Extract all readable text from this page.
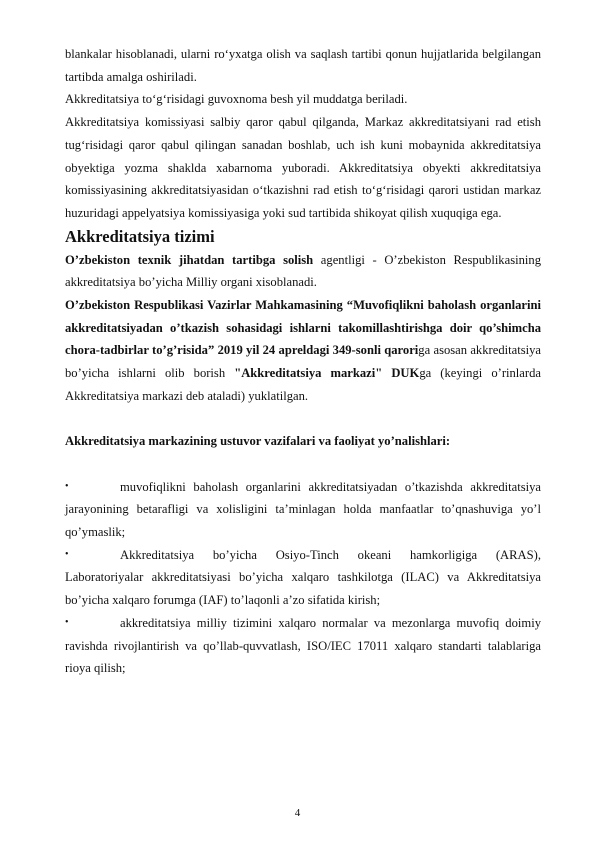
blankalar hisoblanadi, ularni roʻyxatga olish va saqlash tartibi qonun hujjatlarida belgilangan tartibda amalga oshiriladi.

Akkreditatsiya toʻgʻrisidagi guvoxnoma besh yil muddatga beriladi.

Akkreditatsiya komissiyasi salbiy qaror qabul qilganda, Markaz akkreditatsiyani rad etish tugʻrisidagi qaror qabul qilingan sanadan boshlab, uch ish kuni mobaynida akkreditatsiya obyektiga yozma shaklda xabarnoma yuboradi. Akkreditatsiya obyekti akkreditatsiya komissiyasining akkreditatsiyasidan oʻtkazishni rad etish toʻgʻrisidagi qarori ustidan markaz huzuridagi appelyatsiya komissiyasiga yoki sud tartibida shikoyat qilish xuquqiga ega.

Akkreditatsiya tizimi

O’zbekiston texnik jihatdan tartibga solish agentligi - O’zbekiston Respublikasining akkreditatsiya bo’yicha Milliy organi xisoblanadi.

O’zbekiston Respublikasi Vazirlar Mahkamasining “Muvofiqlikni baholash organlarini akkreditatsiyadan o’tkazish sohasidagi ishlarni takomillashtirishga doir qo’shimcha chora-tadbirlar to’g’risida” 2019 yil 24 apreldagi 349-sonli qaroriga asosan akkreditatsiya bo’yicha ishlarni olib borish "Akkreditatsiya markazi" DUKga (keyingi o’rinlarda Akkreditatsiya markazi deb ataladi) yuklatilgan.

Akkreditatsiya markazining ustuvor vazifalari va faoliyat yo’nalishlari:

• muvofiqlikni baholash organlarini akkreditatsiyadan o’tkazishda akkreditatsiya jarayonining betarafligi va xolisligini ta’minlagan holda manfaatlar to’qnashuviga yo’l qo’ymaslik;
• Akkreditatsiya bo’yicha Osiyo-Tinch okeani hamkorligiga (ARAS), Laboratoriyalar akkreditatsiyasi bo’yicha xalqaro tashkilotga (ILAC) va Akkreditatsiya bo’yicha xalqaro forumga (IAF) to’laqonli a’zo sifatida kirish;
• akkreditatsiya milliy tizimini xalqaro normalar va mezonlarga muvofiq doimiy ravishda rivojlantirish va qo’llab-quvvatlash, ISO/IEC 17011 xalqaro standarti talablariga rioya qilish;
4
